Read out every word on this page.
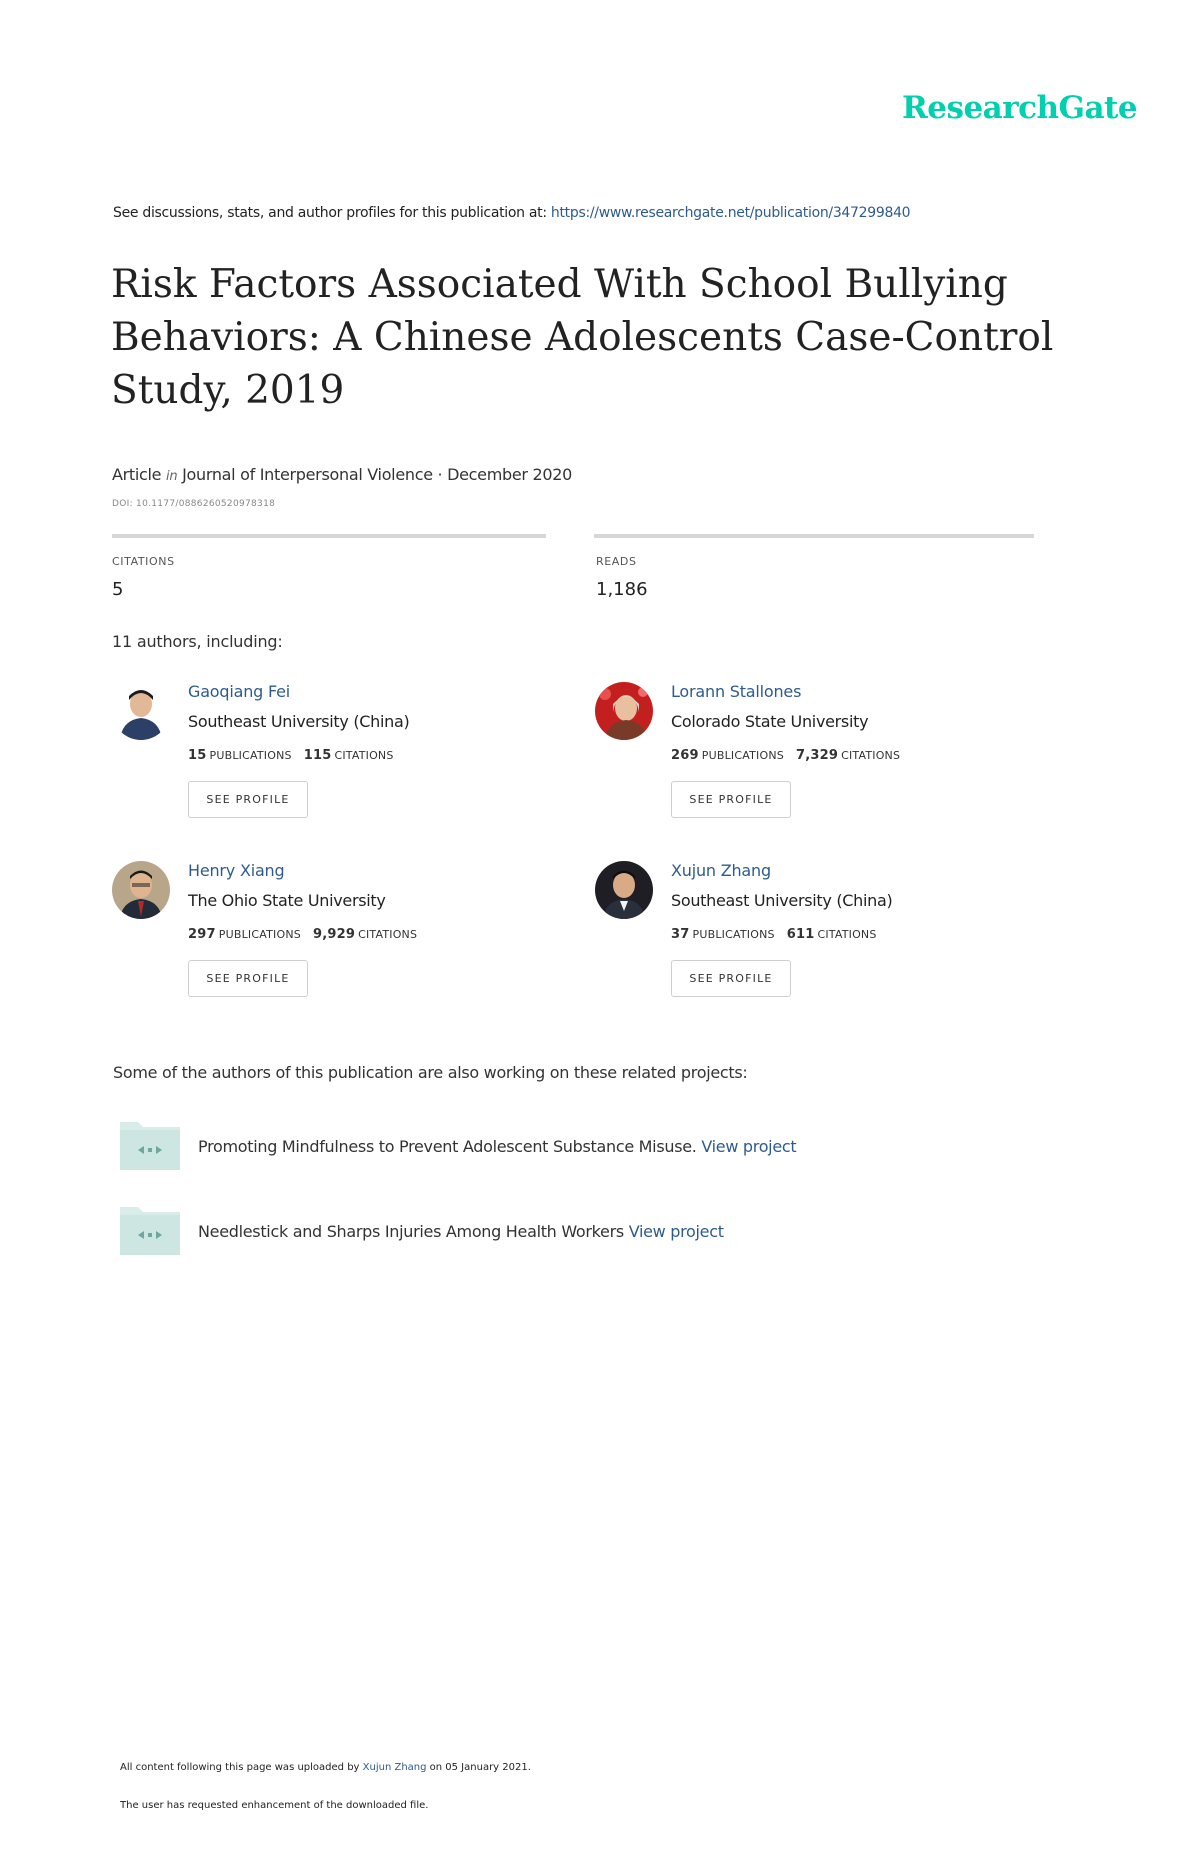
ResearchGate
See discussions, stats, and author profiles for this publication at: https://www.researchgate.net/publication/347299840
Risk Factors Associated With School Bullying Behaviors: A Chinese Adolescents Case-Control Study, 2019
Article in Journal of Interpersonal Violence · December 2020
DOI: 10.1177/0886260520978318
CITATIONS
5
READS
1,186
11 authors, including:
Gaoqiang Fei
Southeast University (China)
15 PUBLICATIONS 115 CITATIONS
SEE PROFILE
Lorann Stallones
Colorado State University
269 PUBLICATIONS 7,329 CITATIONS
SEE PROFILE
Henry Xiang
The Ohio State University
297 PUBLICATIONS 9,929 CITATIONS
SEE PROFILE
Xujun Zhang
Southeast University (China)
37 PUBLICATIONS 611 CITATIONS
SEE PROFILE
Some of the authors of this publication are also working on these related projects:
Promoting Mindfulness to Prevent Adolescent Substance Misuse. View project
Needlestick and Sharps Injuries Among Health Workers View project
All content following this page was uploaded by Xujun Zhang on 05 January 2021.
The user has requested enhancement of the downloaded file.
